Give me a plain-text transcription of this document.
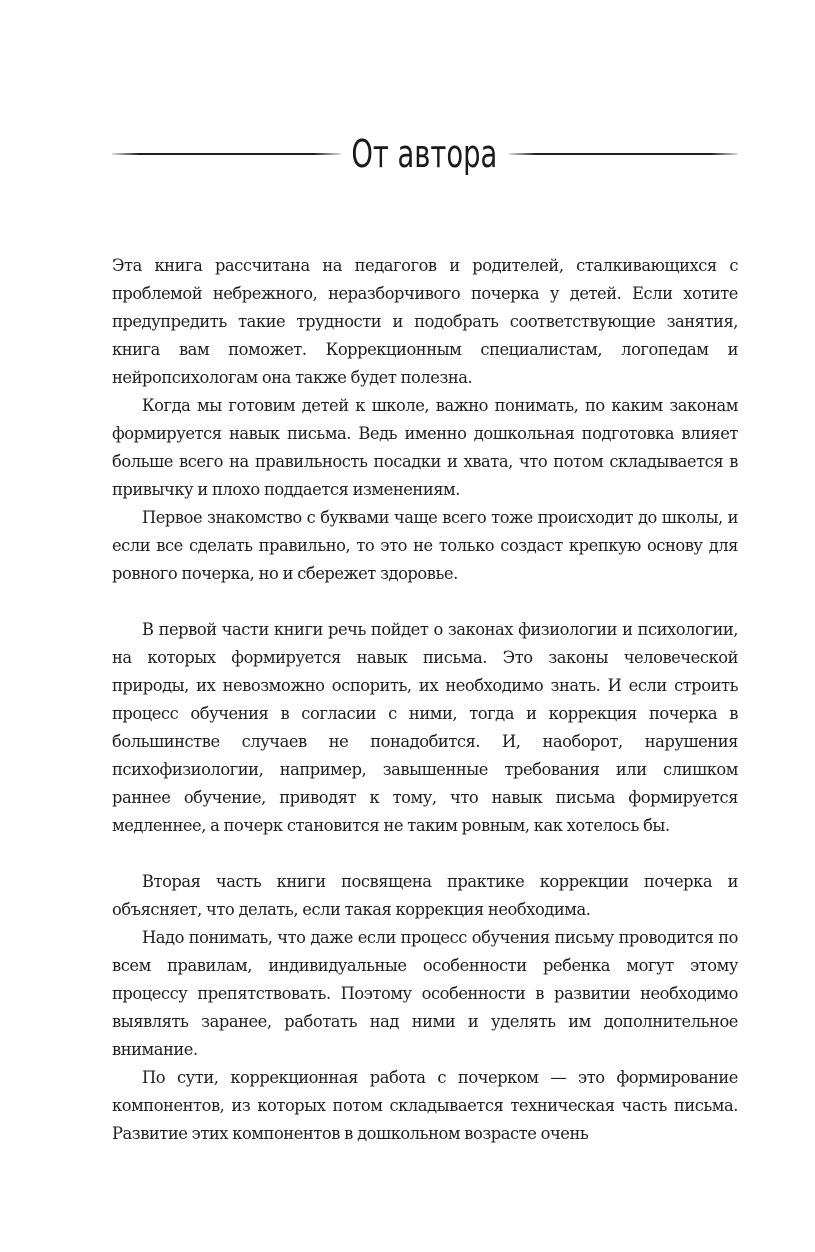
От автора

Эта книга рассчитана на педагогов и родителей, сталкивающихся с проблемой небрежного, неразборчивого почерка у детей. Если хотите предупредить такие трудности и подобрать соответствующие занятия, книга вам поможет. Коррекционным специалистам, логопедам и нейропсихологам она также будет полезна.

Когда мы готовим детей к школе, важно понимать, по каким законам формируется навык письма. Ведь именно дошкольная подготовка влияет больше всего на правильность посадки и хвата, что потом складывается в привычку и плохо поддается изменениям.

Первое знакомство с буквами чаще всего тоже происходит до школы, и если все сделать правильно, то это не только создаст крепкую основу для ровного почерка, но и сбережет здоровье.

В первой части книги речь пойдет о законах физиологии и психологии, на которых формируется навык письма. Это законы человеческой природы, их невозможно оспорить, их необходимо знать. И если строить процесс обучения в согласии с ними, тогда и коррекция почерка в большинстве случаев не понадобится. И, наоборот, нарушения психофизиологии, например, завышенные требования или слишком раннее обучение, приводят к тому, что навык письма формируется медленнее, а почерк становится не таким ровным, как хотелось бы.

Вторая часть книги посвящена практике коррекции почерка и объясняет, что делать, если такая коррекция необходима.

Надо понимать, что даже если процесс обучения письму проводится по всем правилам, индивидуальные особенности ребенка могут этому процессу препятствовать. Поэтому особенности в развитии необходимо выявлять заранее, работать над ними и уделять им дополнительное внимание.

По сути, коррекционная работа с почерком — это формирование компонентов, из которых потом складывается техническая часть письма. Развитие этих компонентов в дошкольном возрасте очень
